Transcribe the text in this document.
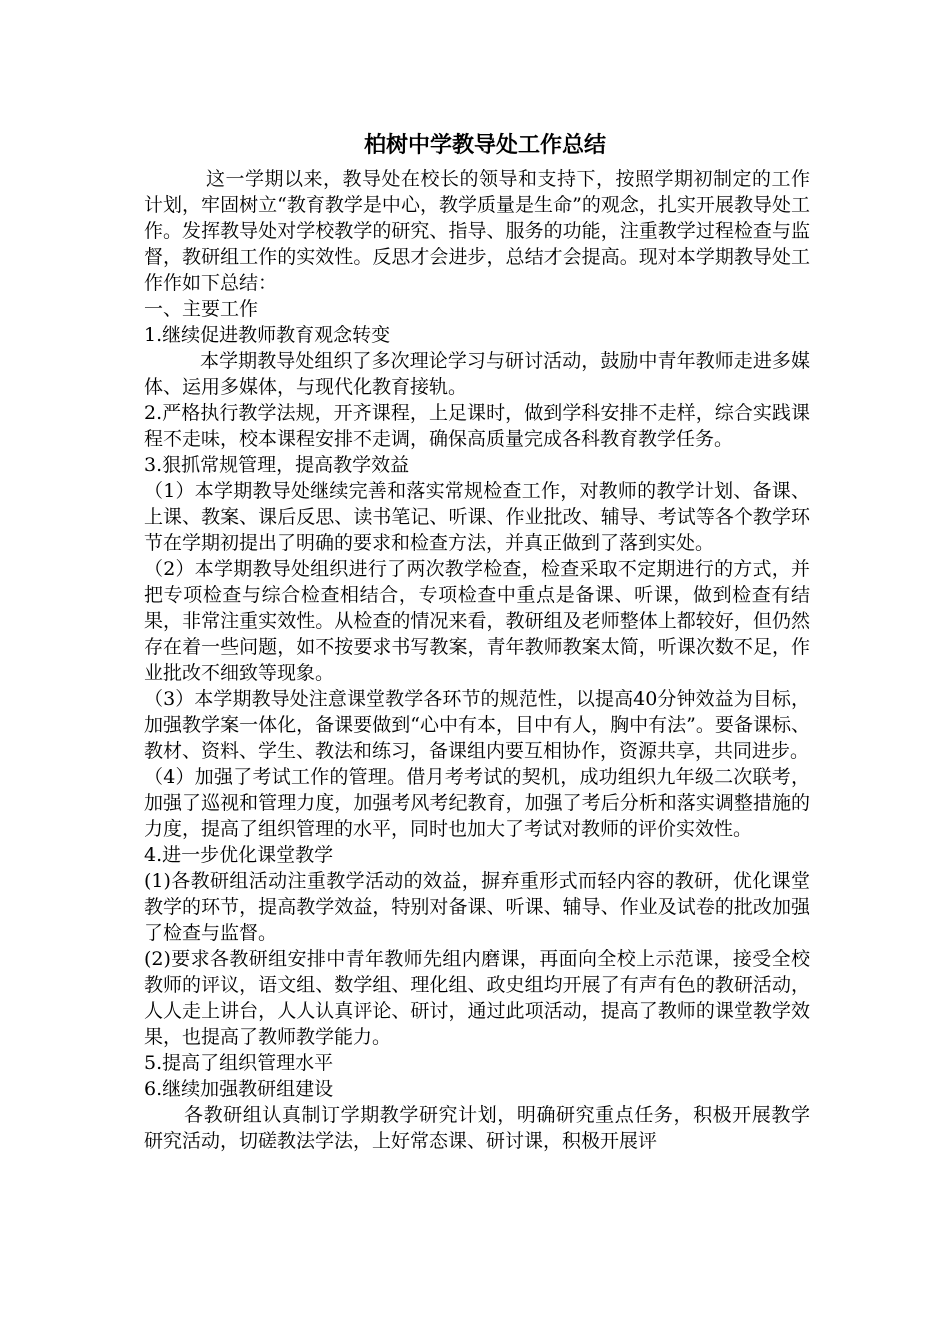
柏树中学教导处工作总结

这一学期以来，教导处在校长的领导和支持下，按照学期初制定的工作计划，牢固树立“教育教学是中心，教学质量是生命”的观念，扎实开展教导处工作。发挥教导处对学校教学的研究、指导、服务的功能，注重教学过程检查与监督，教研组工作的实效性。反思才会进步，总结才会提高。现对本学期教导处工作作如下总结：

一、主要工作

1.继续促进教师教育观念转变

本学期教导处组织了多次理论学习与研讨活动，鼓励中青年教师走进多媒体、运用多媒体，与现代化教育接轨。

2.严格执行教学法规，开齐课程，上足课时，做到学科安排不走样，综合实践课程不走味，校本课程安排不走调，确保高质量完成各科教育教学任务。

3.狠抓常规管理，提高教学效益

（1）本学期教导处继续完善和落实常规检查工作，对教师的教学计划、备课、上课、教案、课后反思、读书笔记、听课、作业批改、辅导、考试等各个教学环节在学期初提出了明确的要求和检查方法，并真正做到了落到实处。

（2）本学期教导处组织进行了两次教学检查，检查采取不定期进行的方式，并把专项检查与综合检查相结合，专项检查中重点是备课、听课，做到检查有结果，非常注重实效性。从检查的情况来看，教研组及老师整体上都较好，但仍然存在着一些问题，如不按要求书写教案，青年教师教案太简，听课次数不足，作业批改不细致等现象。

（3）本学期教导处注意课堂教学各环节的规范性，以提高40分钟效益为目标，加强教学案一体化，备课要做到“心中有本，目中有人，胸中有法”。要备课标、教材、资料、学生、教法和练习，备课组内要互相协作，资源共享，共同进步。

（4）加强了考试工作的管理。借月考考试的契机，成功组织九年级二次联考，加强了巡视和管理力度，加强考风考纪教育，加强了考后分析和落实调整措施的力度，提高了组织管理的水平，同时也加大了考试对教师的评价实效性。

4.进一步优化课堂教学

(1)各教研组活动注重教学活动的效益，摒弃重形式而轻内容的教研，优化课堂教学的环节，提高教学效益，特别对备课、听课、辅导、作业及试卷的批改加强了检查与监督。

(2)要求各教研组安排中青年教师先组内磨课，再面向全校上示范课，接受全校教师的评议，语文组、数学组、理化组、政史组均开展了有声有色的教研活动，人人走上讲台，人人认真评论、研讨，通过此项活动，提高了教师的课堂教学效果，也提高了教师教学能力。

5.提高了组织管理水平

6.继续加强教研组建设

各教研组认真制订学期教学研究计划，明确研究重点任务，积极开展教学研究活动，切磋教法学法，上好常态课、研讨课，积极开展评
